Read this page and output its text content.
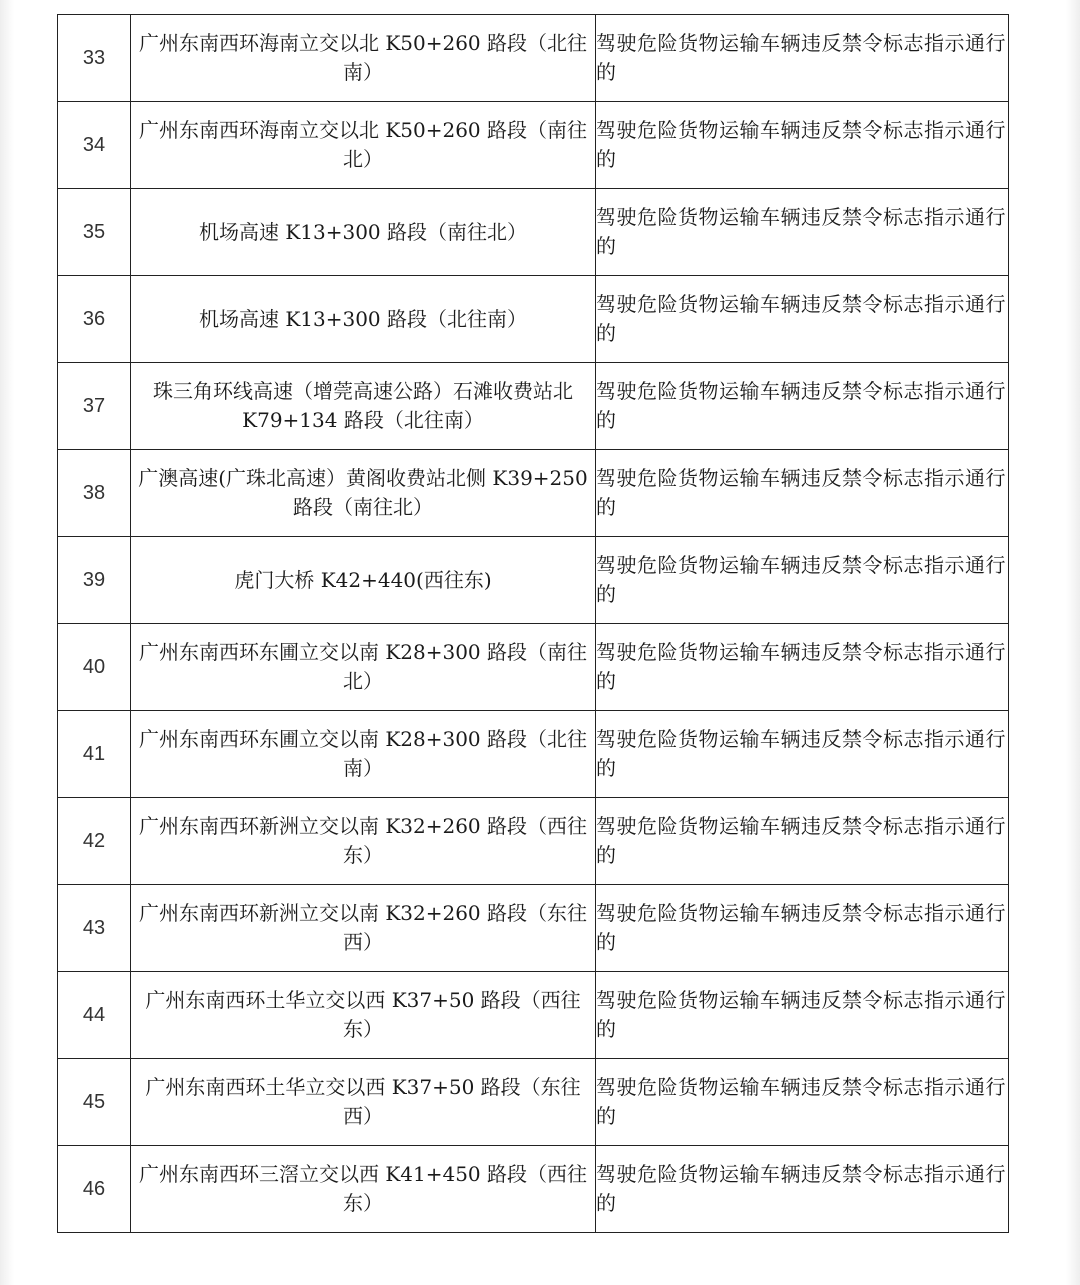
33	广州东南西环海南立交以北 K50+260 路段（北往南）	驾驶危险货物运输车辆违反禁令标志指示通行的
34	广州东南西环海南立交以北 K50+260 路段（南往北）	驾驶危险货物运输车辆违反禁令标志指示通行的
35	机场高速 K13+300 路段（南往北）	驾驶危险货物运输车辆违反禁令标志指示通行的
36	机场高速 K13+300 路段（北往南）	驾驶危险货物运输车辆违反禁令标志指示通行的
37	珠三角环线高速（增莞高速公路）石滩收费站北 K79+134 路段（北往南）	驾驶危险货物运输车辆违反禁令标志指示通行的
38	广澳高速(广珠北高速）黄阁收费站北侧 K39+250 路段（南往北）	驾驶危险货物运输车辆违反禁令标志指示通行的
39	虎门大桥 K42+440(西往东)	驾驶危险货物运输车辆违反禁令标志指示通行的
40	广州东南西环东圃立交以南 K28+300 路段（南往北）	驾驶危险货物运输车辆违反禁令标志指示通行的
41	广州东南西环东圃立交以南 K28+300 路段（北往南）	驾驶危险货物运输车辆违反禁令标志指示通行的
42	广州东南西环新洲立交以南 K32+260 路段（西往东）	驾驶危险货物运输车辆违反禁令标志指示通行的
43	广州东南西环新洲立交以南 K32+260 路段（东往西）	驾驶危险货物运输车辆违反禁令标志指示通行的
44	广州东南西环土华立交以西 K37+50 路段（西往东）	驾驶危险货物运输车辆违反禁令标志指示通行的
45	广州东南西环土华立交以西 K37+50 路段（东往西）	驾驶危险货物运输车辆违反禁令标志指示通行的
46	广州东南西环三滘立交以西 K41+450 路段（西往东）	驾驶危险货物运输车辆违反禁令标志指示通行的
